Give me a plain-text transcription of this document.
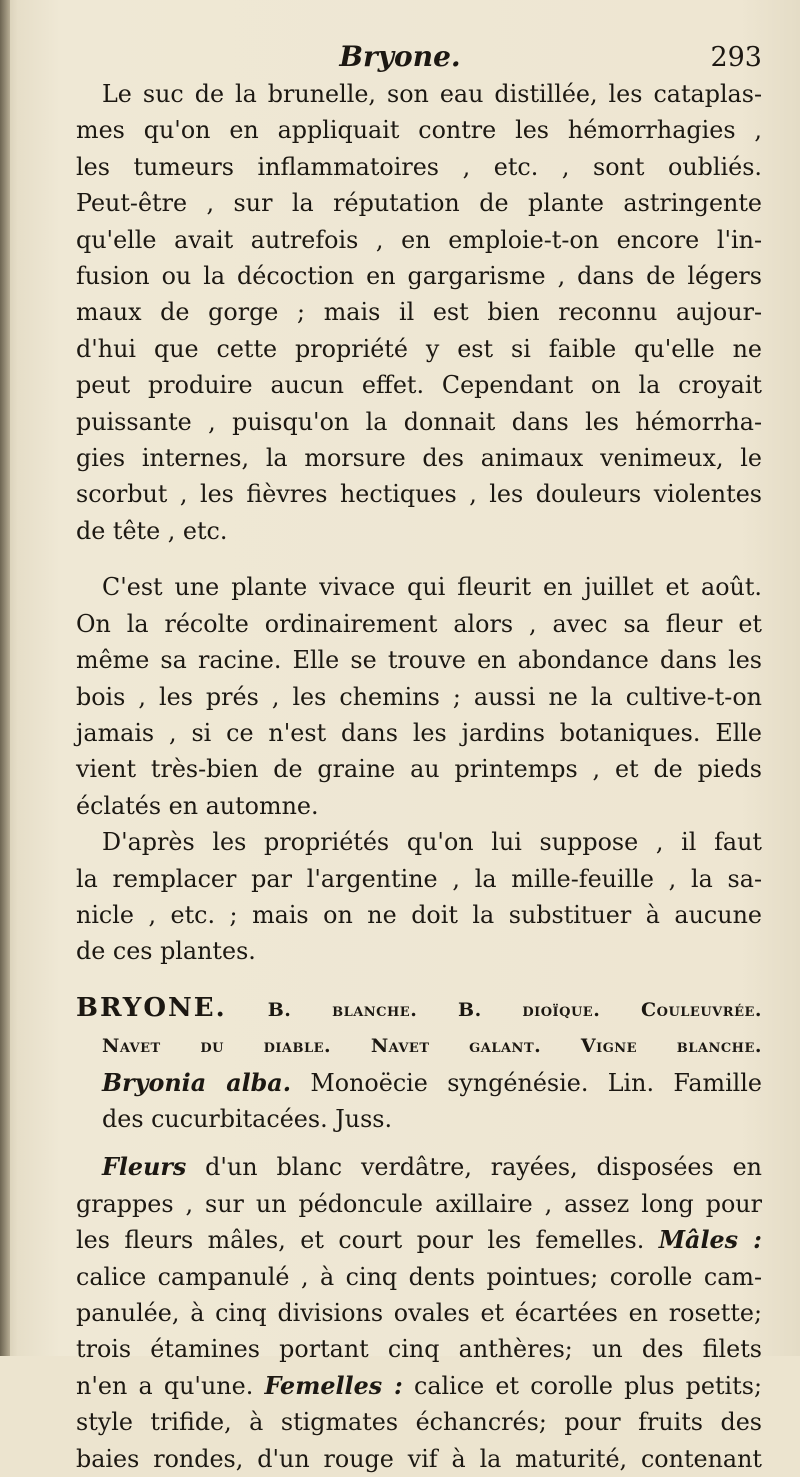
Bryone.	293
Le suc de la brunelle, son eau distillée, les cataplas-
mes qu'on en appliquait contre les hémorrhagies ,
les tumeurs inflammatoires , etc. , sont oubliés.
Peut-être , sur la réputation de plante astringente
qu'elle avait autrefois , en emploie-t-on encore l'in-
fusion ou la décoction en gargarisme , dans de légers
maux de gorge ; mais il est bien reconnu aujour-
d'hui que cette propriété y est si faible qu'elle ne
peut produire aucun effet. Cependant on la croyait
puissante , puisqu'on la donnait dans les hémorrha-
gies internes, la morsure des animaux venimeux, le
scorbut , les fièvres hectiques , les douleurs violentes
de tête , etc.
C'est une plante vivace qui fleurit en juillet et août.
On la récolte ordinairement alors , avec sa fleur et
même sa racine. Elle se trouve en abondance dans les
bois , les prés , les chemins ; aussi ne la cultive-t-on
jamais , si ce n'est dans les jardins botaniques. Elle
vient très-bien de graine au printemps , et de pieds
éclatés en automne.
D'après les propriétés qu'on lui suppose , il faut
la remplacer par l'argentine , la mille-feuille , la sa-
nicle , etc. ; mais on ne doit la substituer à aucune
de ces plantes.
BRYONE. B. blanche. B. dioïque. Couleuvrée.
Navet du diable. Navet galant. Vigne blanche.
Bryonia alba. Monoëcie syngénésie. Lin. Famille
des cucurbitacées. Juss.
Fleurs d'un blanc verdâtre, rayées, disposées en
grappes , sur un pédoncule axillaire , assez long pour
les fleurs mâles, et court pour les femelles. Mâles :
calice campanulé , à cinq dents pointues; corolle cam-
panulée, à cinq divisions ovales et écartées en rosette;
trois étamines portant cinq anthères; un des filets
n'en a qu'une. Femelles : calice et corolle plus petits;
style trifide, à stigmates échancrés; pour fruits des
baies rondes, d'un rouge vif à la maturité, contenant
